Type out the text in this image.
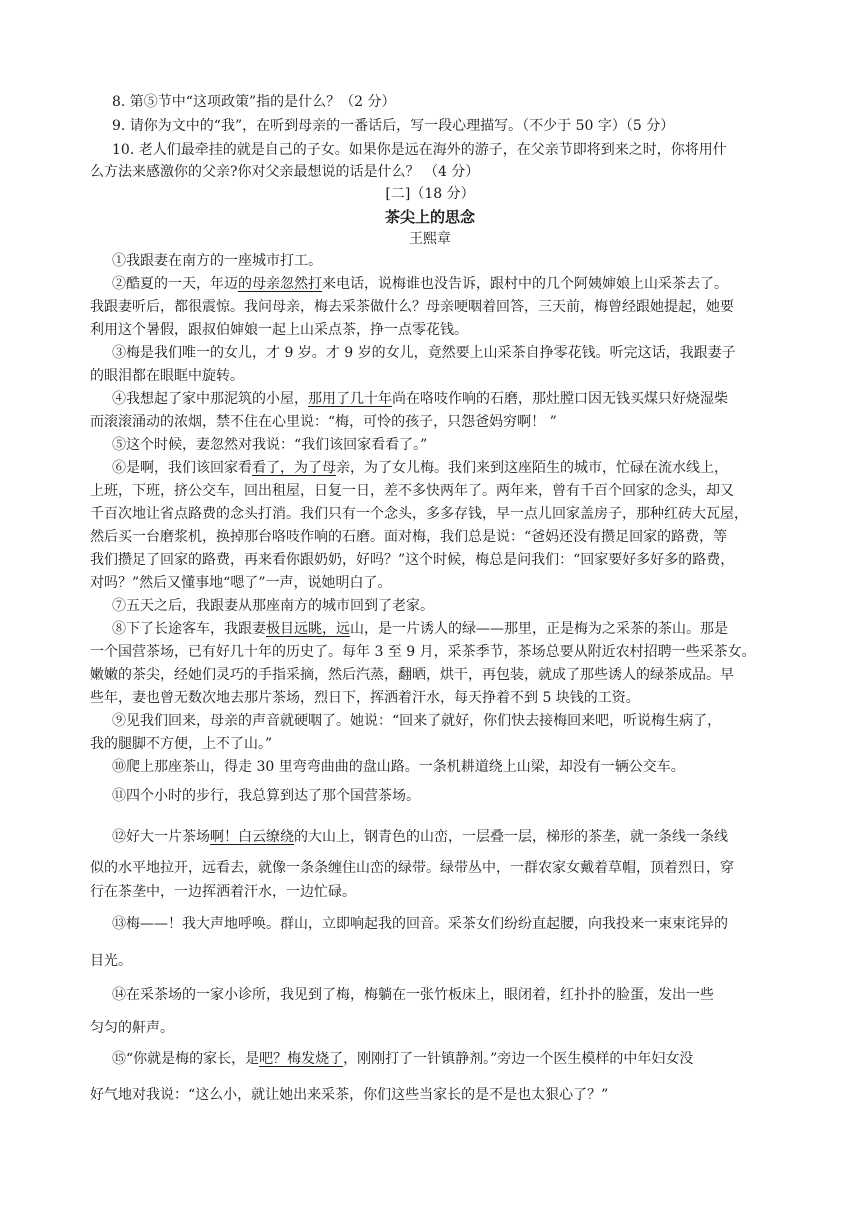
8. 第⑤节中“这项政策”指的是什么？（2 分）
9. 请你为文中的“我”，在听到母亲的一番话后，写一段心理描写。（不少于 50 字）（5 分）
10. 老人们最牵挂的就是自己的子女。如果你是远在海外的游子，在父亲节即将到来之时，你将用什
么方法来感激你的父亲?你对父亲最想说的话是什么？ （4 分）
[二]（18 分）
茶尖上的思念
王熙章
①我跟妻在南方的一座城市打工。
②酷夏的一天，年迈的母亲忽然打来电话，说梅谁也没告诉，跟村中的几个阿姨婶娘上山采茶去了。
我跟妻听后，都很震惊。我问母亲，梅去采茶做什么？母亲哽咽着回答，三天前，梅曾经跟她提起，她要
利用这个暑假，跟叔伯婶娘一起上山采点茶，挣一点零花钱。
③梅是我们唯一的女儿，才 9 岁。才 9 岁的女儿，竟然要上山采茶自挣零花钱。听完这话，我跟妻子
的眼泪都在眼眶中旋转。
④我想起了家中那泥筑的小屋，那用了几十年尚在咯吱作响的石磨，那灶膛口因无钱买煤只好烧湿柴
而滚滚涌动的浓烟，禁不住在心里说：“梅，可怜的孩子，只怨爸妈穷啊！ ”
⑤这个时候，妻忽然对我说：“我们该回家看看了。”
⑥是啊，我们该回家看看了，为了母亲，为了女儿梅。我们来到这座陌生的城市，忙碌在流水线上，
上班，下班，挤公交车，回出租屋，日复一日，差不多快两年了。两年来，曾有千百个回家的念头，却又
千百次地让省点路费的念头打消。我们只有一个念头，多多存钱，早一点儿回家盖房子，那种红砖大瓦屋，
然后买一台磨浆机，换掉那台咯吱作响的石磨。面对梅，我们总是说：“爸妈还没有攒足回家的路费，等
我们攒足了回家的路费，再来看你跟奶奶，好吗？”这个时候，梅总是问我们：“回家要好多好多的路费，
对吗？”然后又懂事地“嗯了”一声，说她明白了。
⑦五天之后，我跟妻从那座南方的城市回到了老家。
⑧下了长途客车，我跟妻极目远眺，远山，是一片诱人的绿——那里，正是梅为之采茶的茶山。那是
一个国营茶场，已有好几十年的历史了。每年 3 至 9 月，采茶季节，茶场总要从附近农村招聘一些采茶女。
嫩嫩的茶尖，经她们灵巧的手指采摘，然后汽蒸，翻晒，烘干，再包装，就成了那些诱人的绿茶成品。早
些年，妻也曾无数次地去那片茶场，烈日下，挥洒着汗水，每天挣着不到 5 块钱的工资。
⑨见我们回来，母亲的声音就硬咽了。她说：“回来了就好，你们快去接梅回来吧，听说梅生病了，
我的腿脚不方便，上不了山。”
⑩爬上那座茶山，得走 30 里弯弯曲曲的盘山路。一条机耕道绕上山梁，却没有一辆公交车。
⑪四个小时的步行，我总算到达了那个国营茶场。
⑫好大一片茶场啊！白云缭绕的大山上，钢青色的山峦，一层叠一层，梯形的茶垄，就一条线一条线
似的水平地拉开，远看去，就像一条条缠住山峦的绿带。绿带丛中，一群农家女戴着草帽，顶着烈日，穿
行在茶垄中，一边挥洒着汗水，一边忙碌。
⑬梅——！我大声地呼唤。群山，立即响起我的回音。采茶女们纷纷直起腰，向我投来一束束诧异的
目光。
⑭在采茶场的一家小诊所，我见到了梅，梅躺在一张竹板床上，眼闭着，红扑扑的脸蛋，发出一些
匀匀的鼾声。
⑮“你就是梅的家长，是吧？梅发烧了，刚刚打了一针镇静剂。”旁边一个医生模样的中年妇女没
好气地对我说：“这么小，就让她出来采茶，你们这些当家长的是不是也太狠心了？”
